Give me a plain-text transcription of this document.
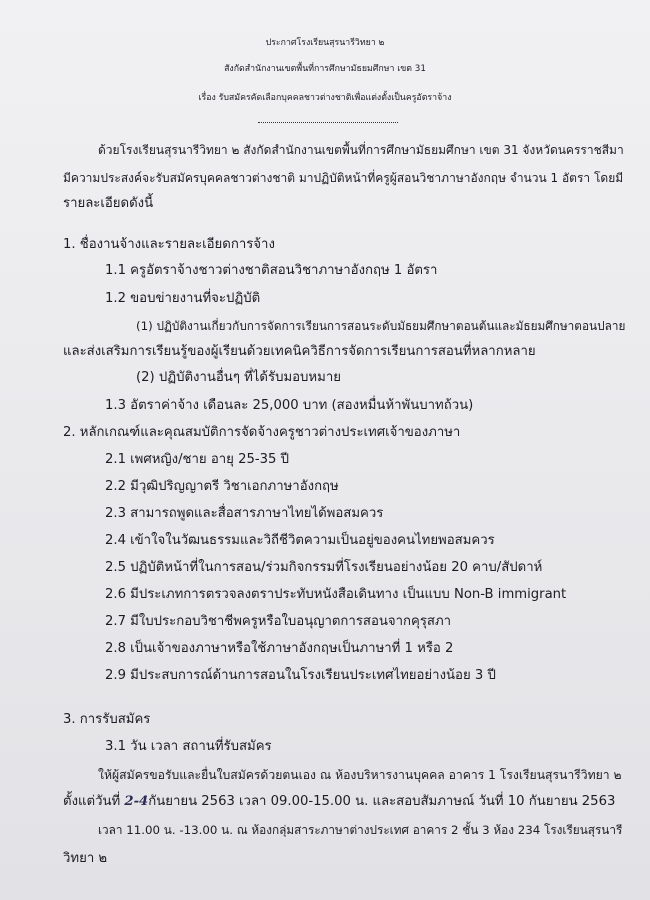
ประกาศโรงเรียนสุรนารีวิทยา ๒
สังกัดสำนักงานเขตพื้นที่การศึกษามัธยมศึกษา เขต 31
เรื่อง รับสมัครคัดเลือกบุคคลชาวต่างชาติเพื่อแต่งตั้งเป็นครูอัตราจ้าง
ด้วยโรงเรียนสุรนารีวิทยา ๒ สังกัดสำนักงานเขตพื้นที่การศึกษามัธยมศึกษา เขต 31 จังหวัดนครราชสีมา
มีความประสงค์จะรับสมัครบุคคลชาวต่างชาติ มาปฏิบัติหน้าที่ครูผู้สอนวิชาภาษาอังกฤษ จำนวน 1 อัตรา โดยมี
รายละเอียดดังนี้
1. ชื่องานจ้างและรายละเอียดการจ้าง
1.1 ครูอัตราจ้างชาวต่างชาติสอนวิชาภาษาอังกฤษ 1 อัตรา
1.2 ขอบข่ายงานที่จะปฏิบัติ
(1) ปฏิบัติงานเกี่ยวกับการจัดการเรียนการสอนระดับมัธยมศึกษาตอนต้นและมัธยมศึกษาตอนปลาย
และส่งเสริมการเรียนรู้ของผู้เรียนด้วยเทคนิควิธีการจัดการเรียนการสอนที่หลากหลาย
(2) ปฏิบัติงานอื่นๆ ที่ได้รับมอบหมาย
1.3 อัตราค่าจ้าง เดือนละ 25,000 บาท (สองหมื่นห้าพันบาทถ้วน)
2. หลักเกณฑ์และคุณสมบัติการจัดจ้างครูชาวต่างประเทศเจ้าของภาษา
2.1 เพศหญิง/ชาย อายุ 25-35 ปี
2.2 มีวุฒิปริญญาตรี วิชาเอกภาษาอังกฤษ
2.3 สามารถพูดและสื่อสารภาษาไทยได้พอสมควร
2.4 เข้าใจในวัฒนธรรมและวิถีชีวิตความเป็นอยู่ของคนไทยพอสมควร
2.5 ปฏิบัติหน้าที่ในการสอน/ร่วมกิจกรรมที่โรงเรียนอย่างน้อย 20 คาบ/สัปดาห์
2.6 มีประเภทการตรวจลงตราประทับหนังสือเดินทาง เป็นแบบ Non-B immigrant
2.7 มีใบประกอบวิชาชีพครูหรือใบอนุญาตการสอนจากคุรุสภา
2.8 เป็นเจ้าของภาษาหรือใช้ภาษาอังกฤษเป็นภาษาที่ 1 หรือ 2
2.9 มีประสบการณ์ด้านการสอนในโรงเรียนประเทศไทยอย่างน้อย 3 ปี
3. การรับสมัคร
3.1 วัน เวลา สถานที่รับสมัคร
ให้ผู้สมัครขอรับและยื่นใบสมัครด้วยตนเอง ณ ห้องบริหารงานบุคคล อาคาร 1 โรงเรียนสุรนารีวิทยา ๒
ตั้งแต่วันที่ 2-4กันยายน 2563 เวลา 09.00-15.00 น. และสอบสัมภาษณ์ วันที่ 10 กันยายน 2563
เวลา 11.00 น. -13.00 น. ณ ห้องกลุ่มสาระภาษาต่างประเทศ อาคาร 2 ชั้น 3 ห้อง 234 โรงเรียนสุรนารี
วิทยา ๒
